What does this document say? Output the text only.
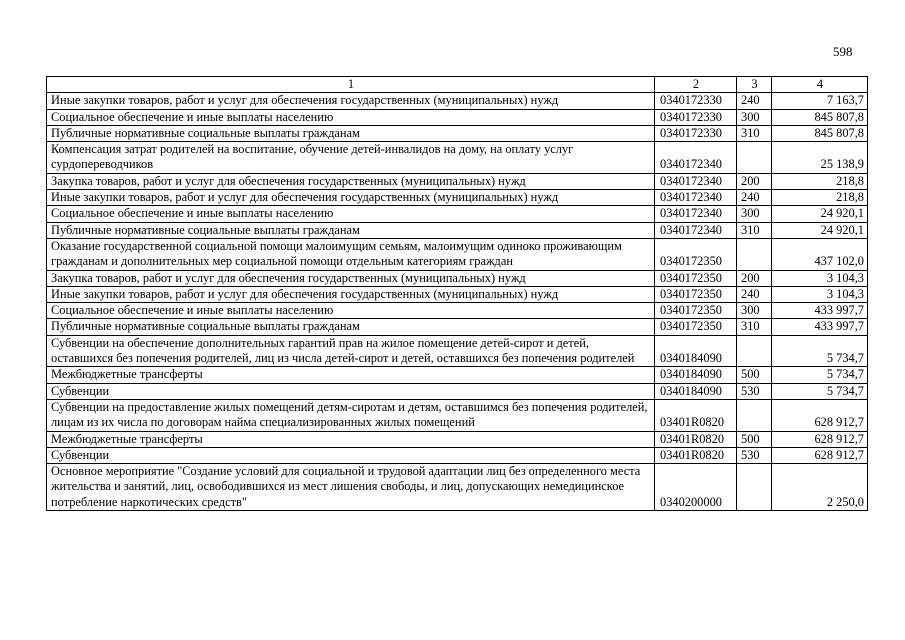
598
1	2	3	4
Иные закупки товаров, работ и услуг для обеспечения государственных (муниципальных) нужд	0340172330	240	7 163,7
Социальное обеспечение и иные выплаты населению	0340172330	300	845 807,8
Публичные нормативные социальные выплаты гражданам	0340172330	310	845 807,8
Компенсация затрат родителей на воспитание, обучение детей-инвалидов на дому, на оплату услуг сурдопереводчиков	0340172340		25 138,9
Закупка товаров, работ и услуг для обеспечения государственных (муниципальных) нужд	0340172340	200	218,8
Иные закупки товаров, работ и услуг для обеспечения государственных (муниципальных) нужд	0340172340	240	218,8
Социальное обеспечение и иные выплаты населению	0340172340	300	24 920,1
Публичные нормативные социальные выплаты гражданам	0340172340	310	24 920,1
Оказание государственной социальной помощи малоимущим семьям, малоимущим одиноко проживающим гражданам и дополнительных мер социальной помощи отдельным категориям граждан	0340172350		437 102,0
Закупка товаров, работ и услуг для обеспечения государственных (муниципальных) нужд	0340172350	200	3 104,3
Иные закупки товаров, работ и услуг для обеспечения государственных (муниципальных) нужд	0340172350	240	3 104,3
Социальное обеспечение и иные выплаты населению	0340172350	300	433 997,7
Публичные нормативные социальные выплаты гражданам	0340172350	310	433 997,7
Субвенции на обеспечение дополнительных гарантий прав на жилое помещение детей-сирот и детей, оставшихся без попечения родителей, лиц из числа детей-сирот и детей, оставшихся без попечения родителей	0340184090		5 734,7
Межбюджетные трансферты	0340184090	500	5 734,7
Субвенции	0340184090	530	5 734,7
Субвенции на предоставление жилых помещений детям-сиротам и детям, оставшимся без попечения родителей, лицам из их числа по договорам найма специализированных жилых помещений	03401R0820		628 912,7
Межбюджетные трансферты	03401R0820	500	628 912,7
Субвенции	03401R0820	530	628 912,7
Основное мероприятие "Создание условий для социальной и трудовой адаптации лиц без определенного места жительства и занятий, лиц, освободившихся из мест лишения свободы, и лиц, допускающих немедицинское потребление наркотических средств"	0340200000		2 250,0
